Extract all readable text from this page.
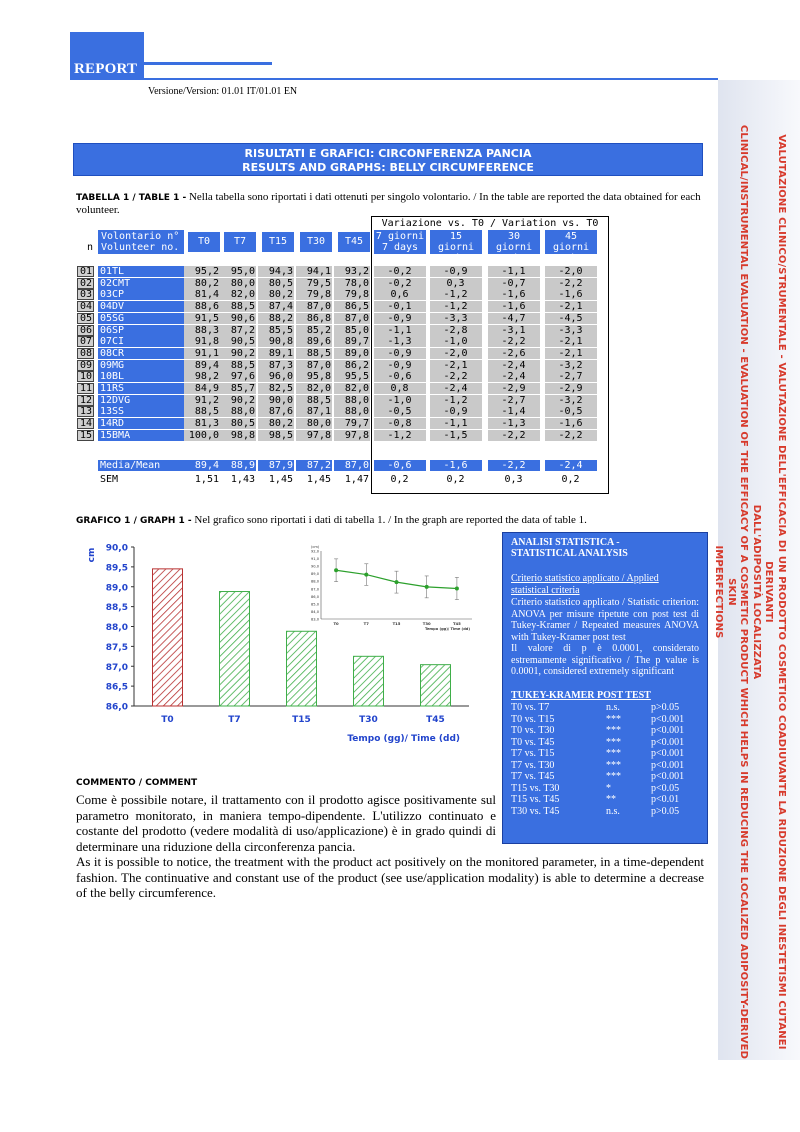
REPORT
Versione/Version: 01.01 IT/01.01 EN
VALUTAZIONE CLINICO/STRUMENTALE - VALUTAZIONE DELL'EFFICACIA DI UN PRODOTTO COSMETICO COADIUVANTE LA RIDUZIONE DEGLI INESTETISMI CUTANEI DERIVANTI
DALL'ADIPOSITÀ LOCALIZZATA
CLINICAL/INSTRUMENTAL EVALUATION - EVALUATION OF THE EFFICACY OF A COSMETIC PRODUCT WHICH HELPS IN REDUCING THE LOCALIZED ADIPOSITY-DERIVED SKIN
IMPERFECTIONS
RISULTATI E GRAFICI: CIRCONFERENZA PANCIA
RESULTS AND GRAPHS: BELLY CIRCUMFERENCE
TABELLA 1 / TABLE 1 - Nella tabella sono riportati i dati ottenuti per singolo volontario. / In the table are reported the data obtained for each volunteer.
Variazione vs. T0 / Variation vs. T0
n
Volontario n°
Volunteer no.
T0	T7	T15	T30	T45	7 giorni
7 days
15 giorni
15 days
30 giorni
30 days
45 giorni
45 days
01 01TL	95,2	95,0	94,3	94,1	93,2	-0,2	-0,9	-1,1	-2,0
02 02CMT	80,2	80,0	80,5	79,5	78,0	-0,2	0,3	-0,7	-2,2
03 03CP	81,4	82,0	80,2	79,8	79,8	0,6	-1,2	-1,6	-1,6
04 04DV	88,6	88,5	87,4	87,0	86,5	-0,1	-1,2	-1,6	-2,1
05 05SG	91,5	90,6	88,2	86,8	87,0	-0,9	-3,3	-4,7	-4,5
06 06SP	88,3	87,2	85,5	85,2	85,0	-1,1	-2,8	-3,1	-3,3
07 07CI	91,8	90,5	90,8	89,6	89,7	-1,3	-1,0	-2,2	-2,1
08 08CR	91,1	90,2	89,1	88,5	89,0	-0,9	-2,0	-2,6	-2,1
09 09MG	89,4	88,5	87,3	87,0	86,2	-0,9	-2,1	-2,4	-3,2
10 10BL	98,2	97,6	96,0	95,8	95,5	-0,6	-2,2	-2,4	-2,7
11 11RS	84,9	85,7	82,5	82,0	82,0	0,8	-2,4	-2,9	-2,9
12 12DVG	91,2	90,2	90,0	88,5	88,0	-1,0	-1,2	-2,7	-3,2
13 13SS	88,5	88,0	87,6	87,1	88,0	-0,5	-0,9	-1,4	-0,5
14 14RD	81,3	80,5	80,2	80,0	79,7	-0,8	-1,1	-1,3	-1,6
15 15BMA	100,0	98,8	98,5	97,8	97,8	-1,2	-1,5	-2,2	-2,2
Media/Mean	89,4	88,9	87,9	87,2	87,0	-0,6	-1,6	-2,2	-2,4
SEM	1,51	1,43	1,45	1,45	1,47	0,2	0,2	0,3	0,2
GRAFICO 1 / GRAPH 1 - Nel grafico sono riportati i dati di tabella 1. / In the graph are reported the data of table 1.
90,0
89,5
89,0
88,5
88,0
87,5
87,0
86,5
86,0
cm
T0	T7	T15	T30	T45
Tempo (gg)/ Time (dd)
92,0
91,0
90,0
89,0
88,0
87,0
86,0
85,0
84,0
83,0
(cm)
T0	T7	T15	T30	T45
Tempo (gg)/ Time (dd)
ANALISI STATISTICA -
STATISTICAL ANALYSIS
Criterio statistico applicato / Applied statistical criteria
Criterio statistico applicato / Statistic criterion: ANOVA per misure ripetute con post test di Tukey-Kramer / Repeated measures ANOVA with Tukey-Kramer post test
Il valore di p è 0.0001, considerato estremamente significativo / The p value is 0.0001, considered extremely significant
TUKEY-KRAMER POST TEST
T0 vs. T7	n.s.	p>0.05
T0 vs. T15	***	p<0.001
T0 vs. T30	***	p<0.001
T0 vs. T45	***	p<0.001
T7 vs. T15	***	p<0.001
T7 vs. T30	***	p<0.001
T7 vs. T45	***	p<0.001
T15 vs. T30	*	p<0.05
T15 vs. T45	**	p<0.01
T30 vs. T45	n.s.	p>0.05
COMMENTO / COMMENT
Come è possibile notare, il trattamento con il prodotto agisce positivamente sul parametro monitorato, in maniera tempo-dipendente. L'utilizzo continuato e costante del prodotto (vedere modalità di uso/applicazione) è in grado quindi di determinare una riduzione della circonferenza pancia.
As it is possible to notice, the treatment with the product act positively on the monitored parameter, in a time-dependent fashion. The continuative and constant use of the product (see use/application modality) is able to determine a decrease of the belly circumference.
